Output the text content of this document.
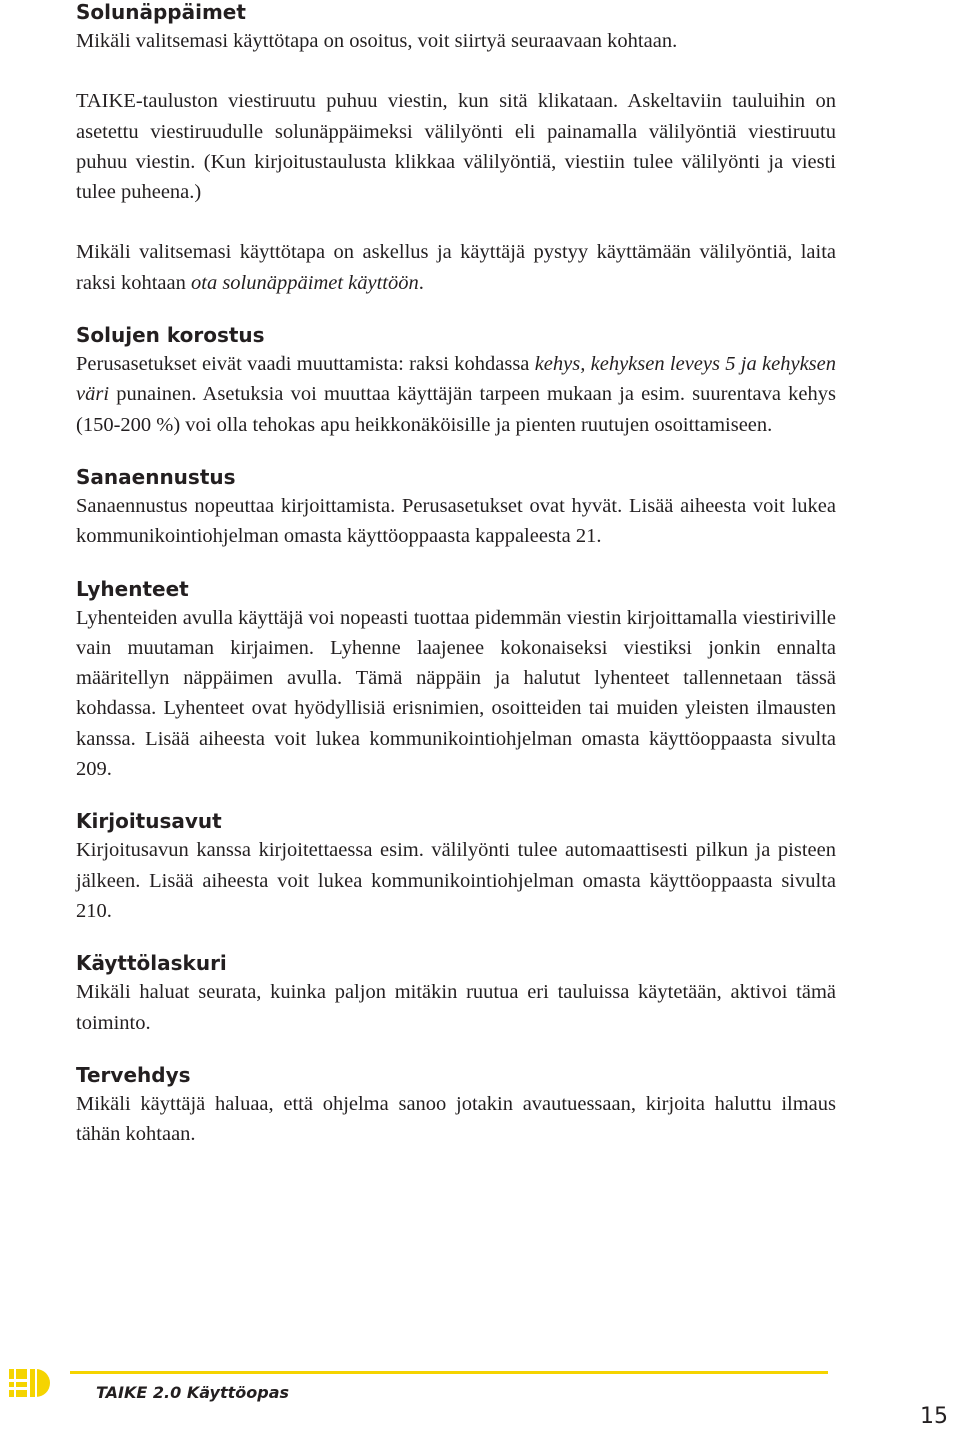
Solunäppäimet

Mikäli valitsemasi käyttötapa on osoitus, voit siirtyä seuraavaan kohtaan.

TAIKE-tauluston viestiruutu puhuu viestin, kun sitä klikataan. Askeltaviin tauluihin on asetettu viestiruudulle solunäppäimeksi välilyönti eli painamalla välilyöntiä viestiruutu puhuu viestin. (Kun kirjoitustaulusta klikkaa välilyöntiä, viestiin tulee välilyönti ja viesti tulee puheena.)

Mikäli valitsemasi käyttötapa on askellus ja käyttäjä pystyy käyttämään välilyöntiä, laita raksi kohtaan ota solunäppäimet käyttöön.

Solujen korostus

Perusasetukset eivät vaadi muuttamista: raksi kohdassa kehys, kehyksen leveys 5 ja kehyksen väri punainen. Asetuksia voi muuttaa käyttäjän tarpeen mukaan ja esim. suurentava kehys (150-200 %) voi olla tehokas apu heikkonäköisille ja pienten ruutujen osoittamiseen.

Sanaennustus

Sanaennustus nopeuttaa kirjoittamista. Perusasetukset ovat hyvät. Lisää aiheesta voit lukea kommunikointiohjelman omasta käyttöoppaasta kappaleesta 21.

Lyhenteet

Lyhenteiden avulla käyttäjä voi nopeasti tuottaa pidemmän viestin kirjoittamalla viestiriville vain muutaman kirjaimen. Lyhenne laajenee kokonaiseksi viestiksi jonkin ennalta määritellyn näppäimen avulla. Tämä näppäin ja halutut lyhenteet tallennetaan tässä kohdassa. Lyhenteet ovat hyödyllisiä erisnimien, osoitteiden tai muiden yleisten ilmausten kanssa. Lisää aiheesta voit lukea kommunikointiohjelman omasta käyttöoppaasta sivulta 209.

Kirjoitusavut

Kirjoitusavun kanssa kirjoitettaessa esim. välilyönti tulee automaattisesti pilkun ja pisteen jälkeen. Lisää aiheesta voit lukea kommunikointiohjelman omasta käyttöoppaasta sivulta 210.

Käyttölaskuri

Mikäli haluat seurata, kuinka paljon mitäkin ruutua eri tauluissa käytetään, aktivoi tämä toiminto.

Tervehdys

Mikäli käyttäjä haluaa, että ohjelma sanoo jotakin avautuessaan, kirjoita haluttu ilmaus tähän kohtaan.

TAIKE 2.0 Käyttöopas
15
